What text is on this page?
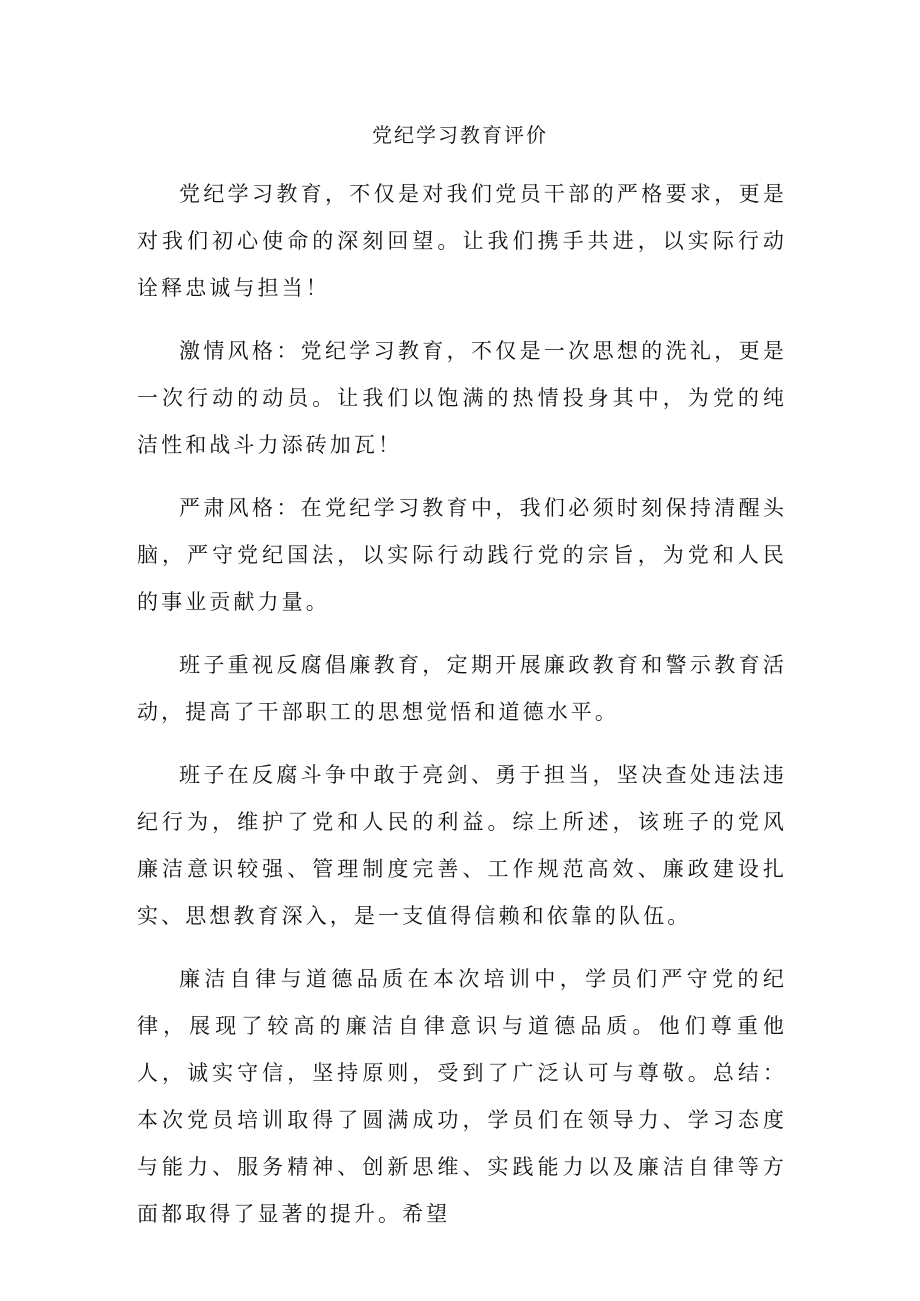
党纪学习教育评价

党纪学习教育，不仅是对我们党员干部的严格要求，更是对我们初心使命的深刻回望。让我们携手共进，以实际行动诠释忠诚与担当！

激情风格：党纪学习教育，不仅是一次思想的洗礼，更是一次行动的动员。让我们以饱满的热情投身其中，为党的纯洁性和战斗力添砖加瓦！

严肃风格：在党纪学习教育中，我们必须时刻保持清醒头脑，严守党纪国法，以实际行动践行党的宗旨，为党和人民的事业贡献力量。

班子重视反腐倡廉教育，定期开展廉政教育和警示教育活动，提高了干部职工的思想觉悟和道德水平。

班子在反腐斗争中敢于亮剑、勇于担当，坚决查处违法违纪行为，维护了党和人民的利益。综上所述，该班子的党风廉洁意识较强、管理制度完善、工作规范高效、廉政建设扎实、思想教育深入，是一支值得信赖和依靠的队伍。

廉洁自律与道德品质在本次培训中，学员们严守党的纪律，展现了较高的廉洁自律意识与道德品质。他们尊重他人，诚实守信，坚持原则，受到了广泛认可与尊敬。总结：本次党员培训取得了圆满成功，学员们在领导力、学习态度与能力、服务精神、创新思维、实践能力以及廉洁自律等方面都取得了显著的提升。希望
